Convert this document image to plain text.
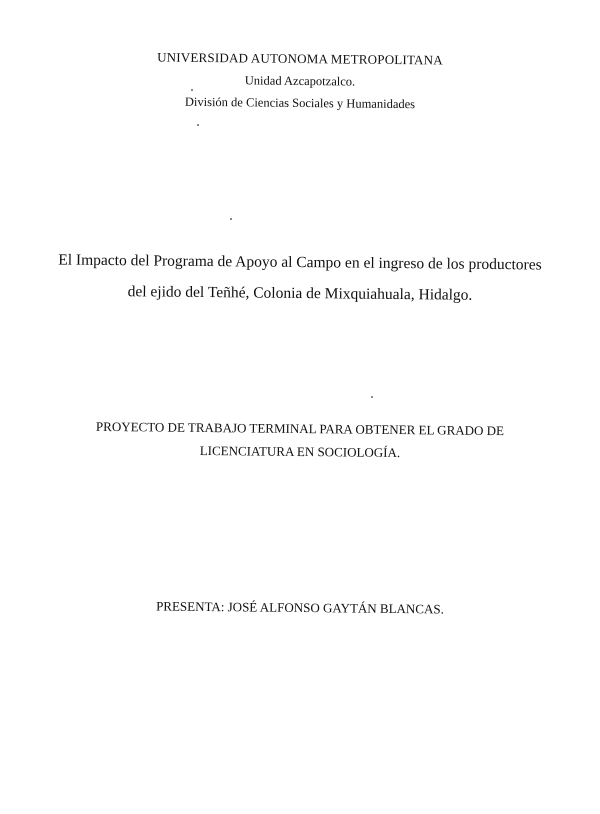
UNIVERSIDAD AUTONOMA METROPOLITANA
Unidad Azcapotzalco.
División de Ciencias Sociales y Humanidades
El Impacto del Programa de Apoyo al Campo en el ingreso de los productores
del ejido del Teñhé, Colonia de Mixquiahuala, Hidalgo.
PROYECTO DE TRABAJO TERMINAL PARA OBTENER EL GRADO DE
LICENCIATURA EN SOCIOLOGÍA.
PRESENTA: JOSÉ ALFONSO GAYTÁN BLANCAS.
